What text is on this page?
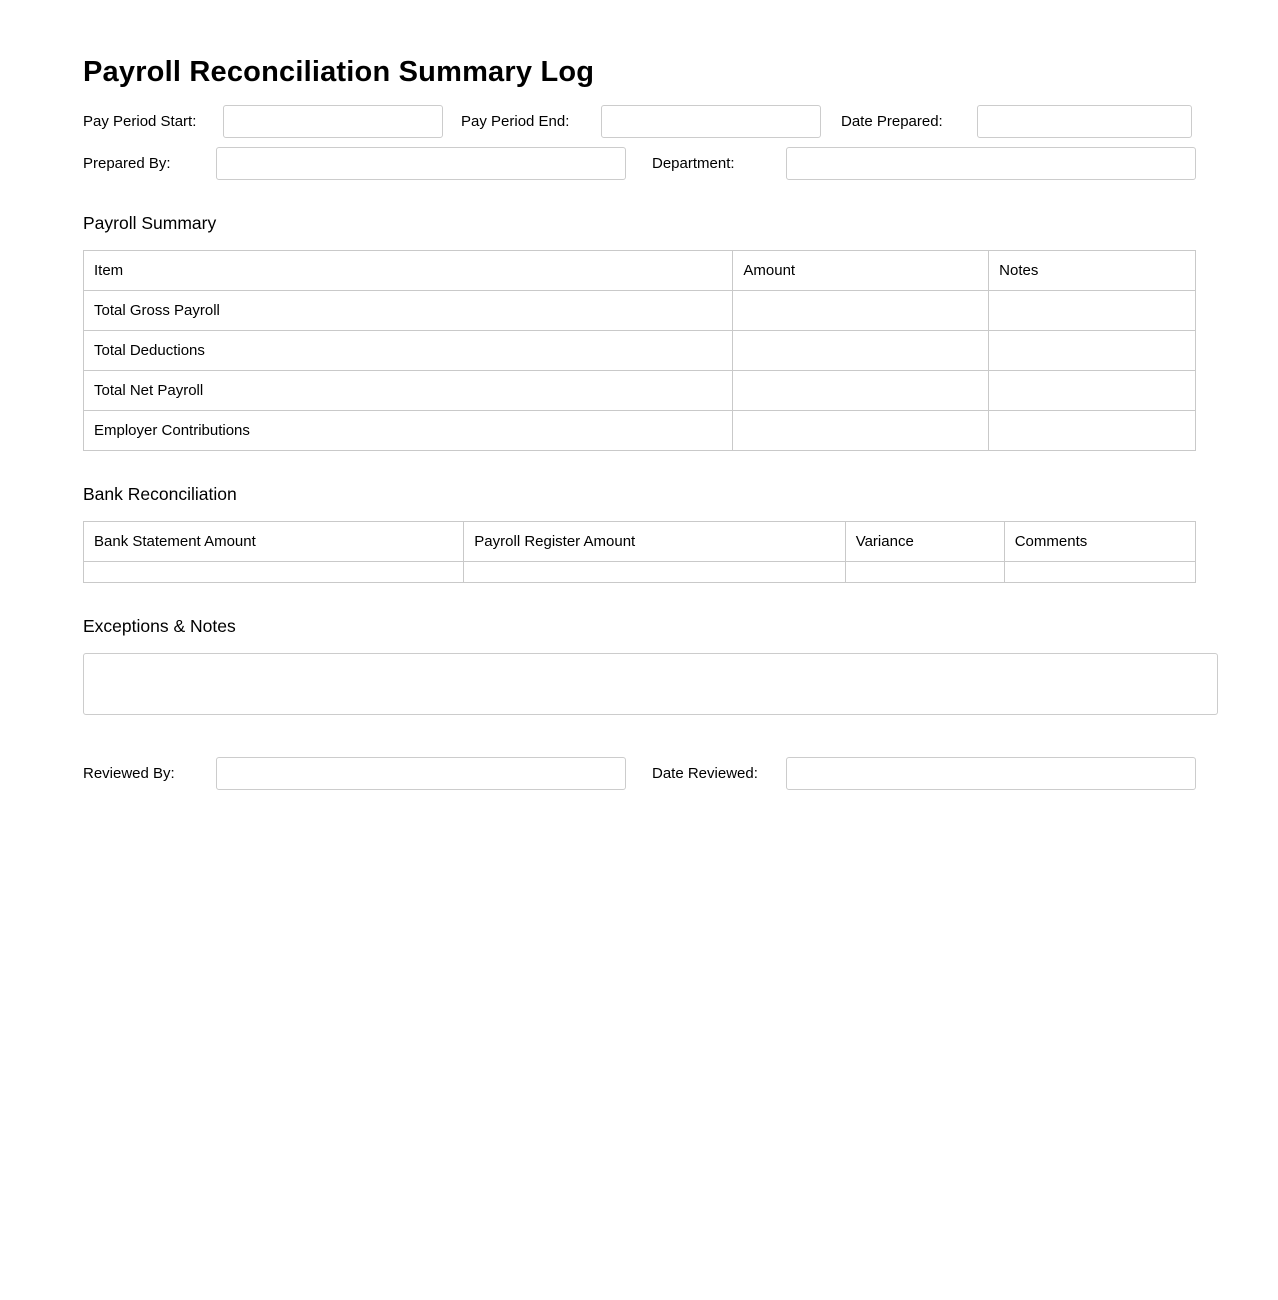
Payroll Reconciliation Summary Log
Pay Period Start:	Pay Period End:	Date Prepared:
Prepared By:	Department:
Payroll Summary
Item	Amount	Notes
Total Gross Payroll		
Total Deductions		
Total Net Payroll		
Employer Contributions		
Bank Reconciliation
Bank Statement Amount	Payroll Register Amount	Variance	Comments

Exceptions & Notes
Reviewed By:	Date Reviewed:
